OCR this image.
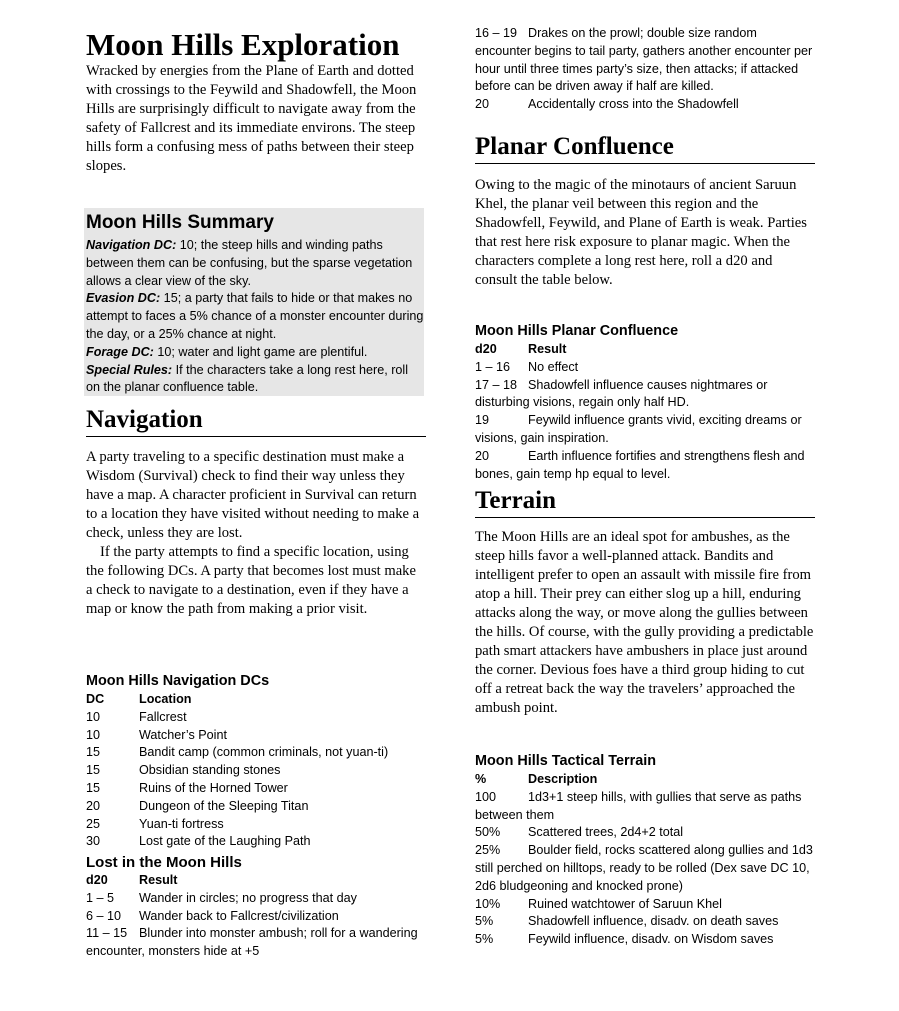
Moon Hills Exploration

Wracked by energies from the Plane of Earth and dotted with crossings to the Feywild and Shadowfell, the Moon Hills are surprisingly difficult to navigate away from the safety of Fallcrest and its immediate environs. The steep hills form a confusing mess of paths between their steep slopes.

Moon Hills Summary

Navigation DC: 10; the steep hills and winding paths between them can be confusing, but the sparse vegetation allows a clear view of the sky.

Evasion DC: 15; a party that fails to hide or that makes no attempt to faces a 5% chance of a monster encounter during the day, or a 25% chance at night.

Forage DC: 10; water and light game are plentiful.

Special Rules: If the characters take a long rest here, roll on the planar confluence table.

Navigation

A party traveling to a specific destination must make a Wisdom (Survival) check to find their way unless they have a map. A character proficient in Survival can return to a location they have visited without needing to make a check, unless they are lost.

If the party attempts to find a specific location, using the following DCs. A party that becomes lost must make a check to navigate to a destination, even if they have a map or know the path from making a prior visit.

Moon Hills Navigation DCs
DC	Location
10	Fallcrest
10	Watcher’s Point
15	Bandit camp (common criminals, not yuan-ti)
15	Obsidian standing stones
15	Ruins of the Horned Tower
20	Dungeon of the Sleeping Titan
25	Yuan-ti fortress
30	Lost gate of the Laughing Path
Lost in the Moon Hills
d20	Result
1 – 5	Wander in circles; no progress that day
6 – 10	Wander back to Fallcrest/civilization

11 – 15 Blunder into monster ambush; roll for a wandering encounter, monsters hide at +5

16 – 19 Drakes on the prowl; double size random encounter begins to tail party, gathers another encounter per hour until three times party’s size, then attacks; if attacked before can be driven away if half are killed.

20	Accidentally cross into the Shadowfell

Planar Confluence

Owing to the magic of the minotaurs of ancient Saruun Khel, the planar veil between this region and the Shadowfell, Feywild, and Plane of Earth is weak. Parties that rest here risk exposure to planar magic. When the characters complete a long rest here, roll a d20 and consult the table below.

Moon Hills Planar Confluence
d20	Result
1 – 16	No effect

17 – 18 Shadowfell influence causes nightmares or disturbing visions, regain only half HD.

19	Feywild influence grants vivid, exciting dreams or visions, gain inspiration.

20	Earth influence fortifies and strengthens flesh and bones, gain temp hp equal to level.

Terrain

The Moon Hills are an ideal spot for ambushes, as the steep hills favor a well-planned attack. Bandits and intelligent prefer to open an assault with missile fire from atop a hill. Their prey can either slog up a hill, enduring attacks along the way, or move along the gullies between the hills. Of course, with the gully providing a predictable path smart attackers have ambushers in place just around the corner. Devious foes have a third group hiding to cut off a retreat back the way the travelers’ approached the ambush point.

Moon Hills Tactical Terrain
%	Description

100	1d3+1 steep hills, with gullies that serve as paths between them

50% Scattered trees, 2d4+2 total

25% Boulder field, rocks scattered along gullies and 1d3 still perched on hilltops, ready to be rolled (Dex save DC 10, 2d6 bludgeoning and knocked prone)

10% Ruined watchtower of Saruun Khel

5%	Shadowfell influence, disadv. on death saves

5%	Feywild influence, disadv. on Wisdom saves
